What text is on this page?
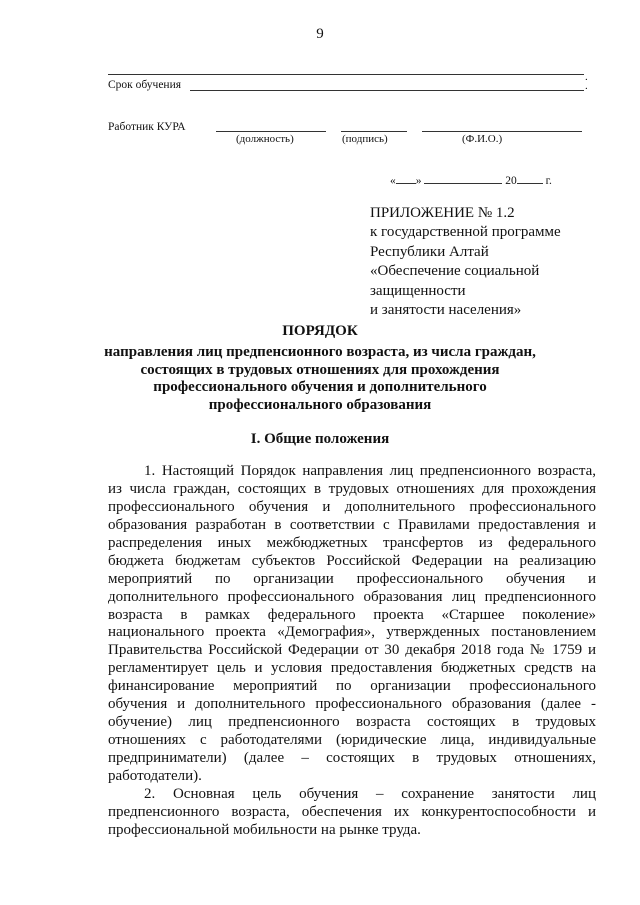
9
.
Срок обучения	.
Работник КУРА
(должность)	(подпись)	(Ф.И.О.)
« »	20	г.
ПРИЛОЖЕНИЕ № 1.2
к государственной программе
Республики Алтай
«Обеспечение социальной
защищенности
и занятости населения»
ПОРЯДОК
направления лиц предпенсионного возраста, из числа граждан,
состоящих в трудовых отношениях для прохождения
профессионального обучения и дополнительного
профессионального образования
I. Общие положения
1. Настоящий Порядок направления лиц предпенсионного возраста,
из числа граждан, состоящих в трудовых отношениях для прохождения
профессионального обучения и дополнительного профессионального
образования разработан в соответствии с Правилами предоставления и
распределения иных межбюджетных трансфертов из федерального
бюджета бюджетам субъектов Российской Федерации на реализацию
мероприятий по организации профессионального обучения и
дополнительного профессионального образования лиц предпенсионного
возраста в рамках федерального проекта «Старшее поколение»
национального проекта «Демография», утвержденных постановлением
Правительства Российской Федерации от 30 декабря 2018 года № 1759 и
регламентирует цель и условия предоставления бюджетных средств на
финансирование мероприятий по организации профессионального
обучения и дополнительного профессионального образования (далее -
обучение) лиц предпенсионного возраста состоящих в трудовых
отношениях с работодателями (юридические лица, индивидуальные
предприниматели) (далее – состоящих в трудовых отношениях,
работодатели).
2. Основная цель обучения – сохранение занятости лиц
предпенсионного возраста, обеспечения их конкурентоспособности и
профессиональной мобильности на рынке труда.
